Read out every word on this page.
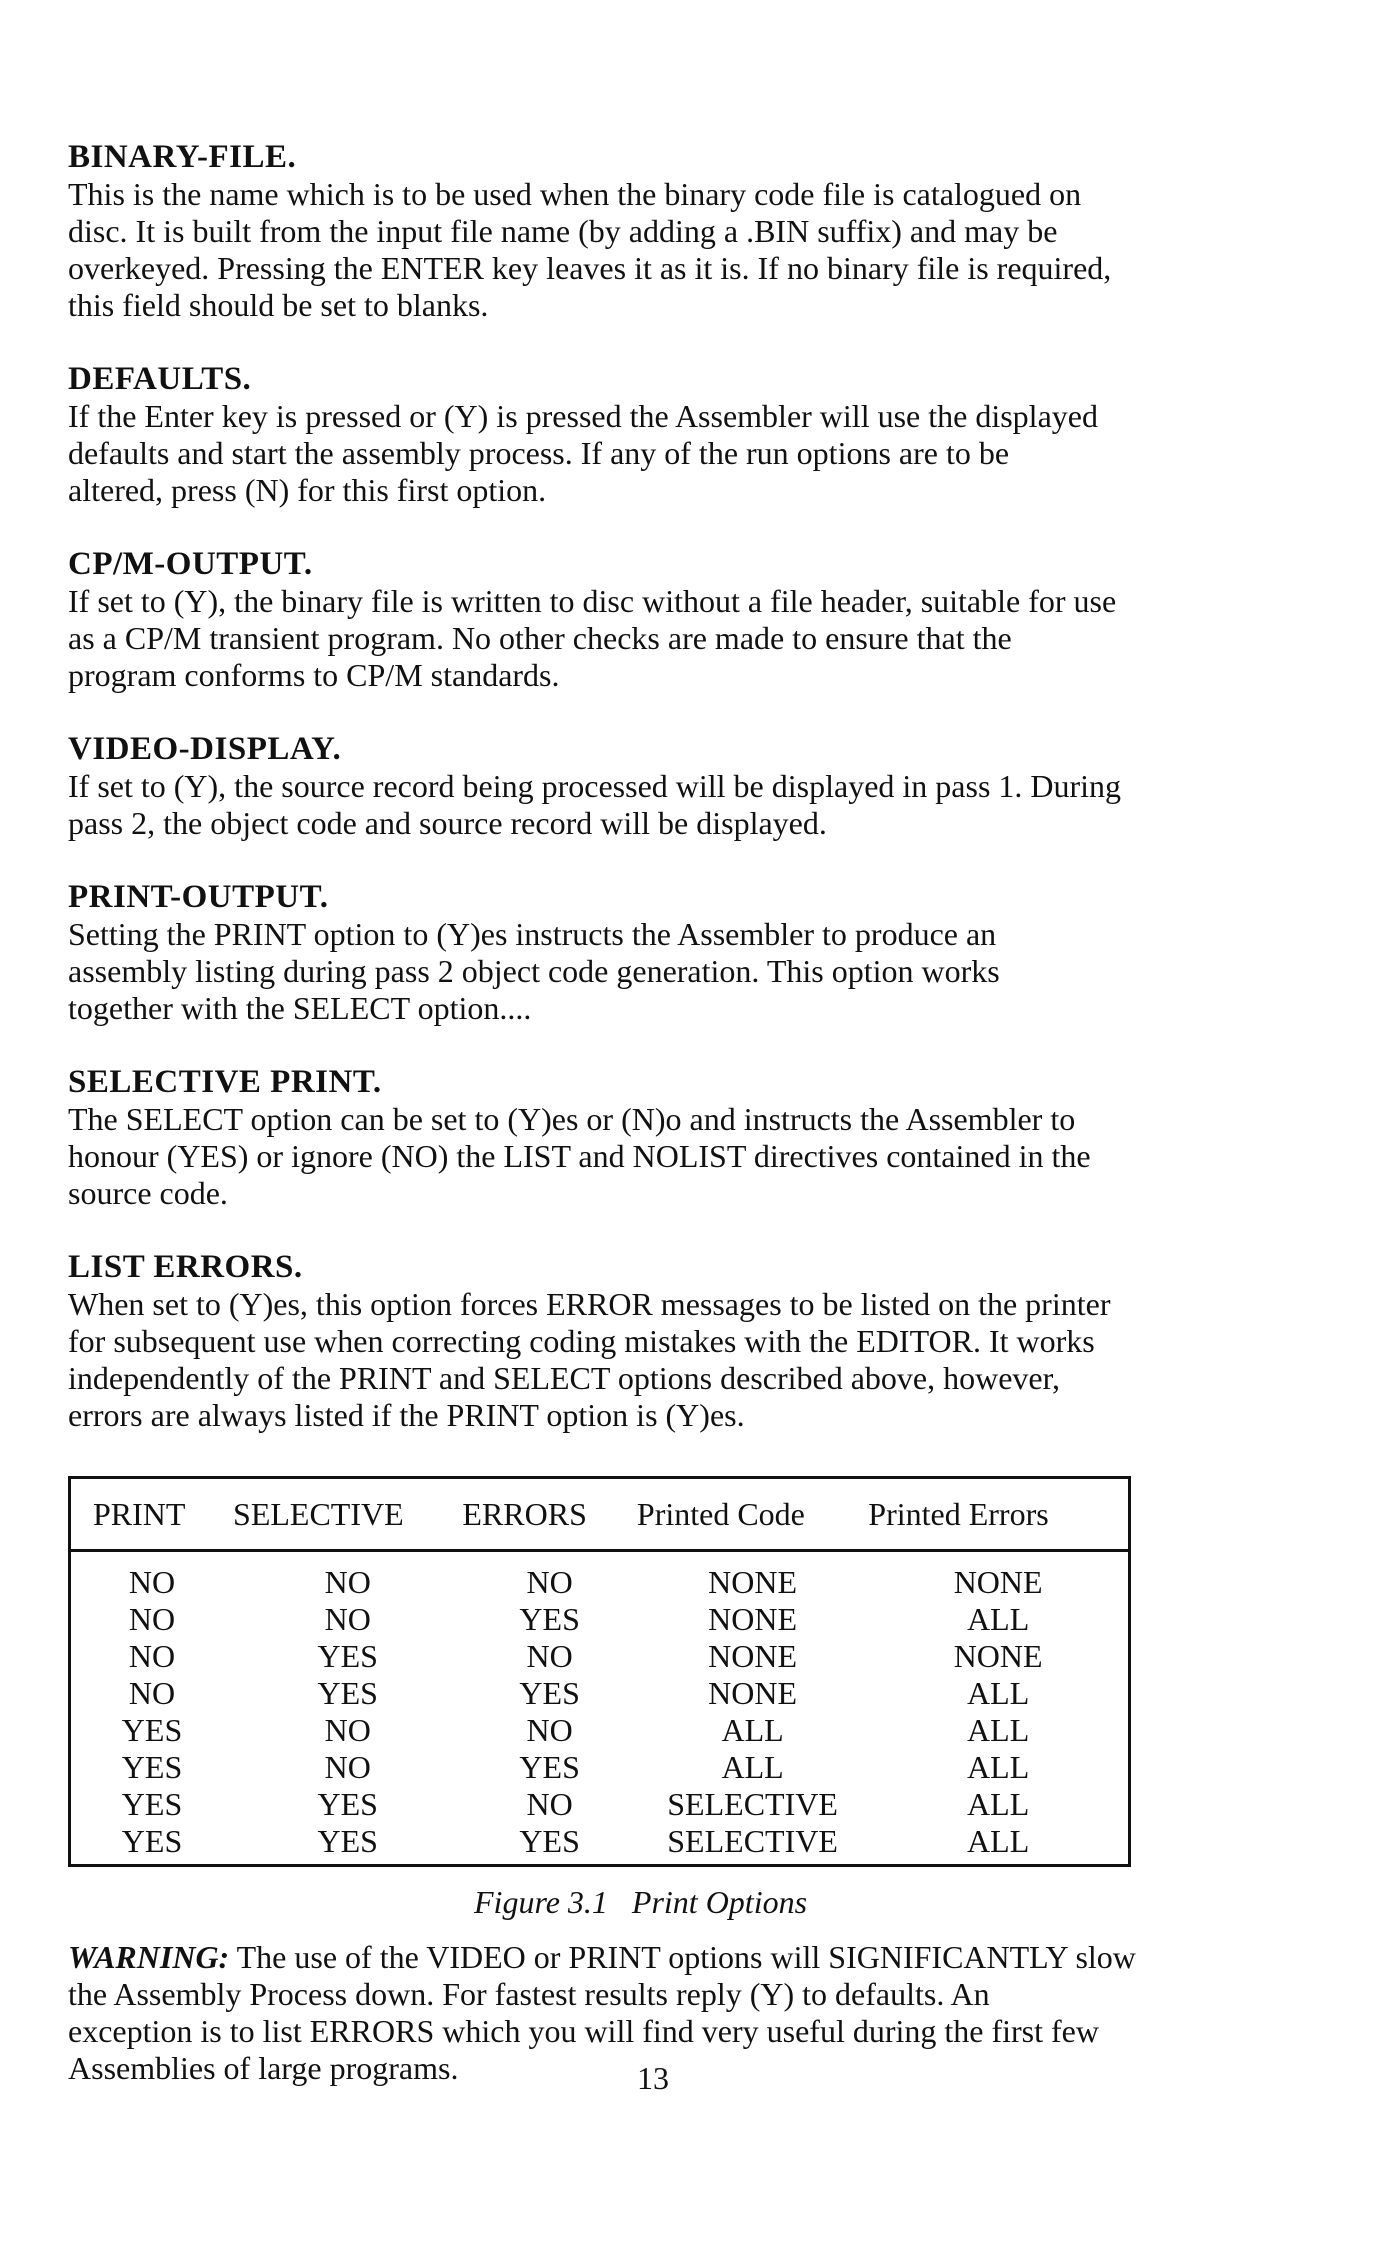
BINARY-FILE.
This is the name which is to be used when the binary code file is catalogued on
disc. It is built from the input file name (by adding a .BIN suffix) and may be
overkeyed. Pressing the ENTER key leaves it as it is. If no binary file is required,
this field should be set to blanks.
DEFAULTS.
If the Enter key is pressed or (Y) is pressed the Assembler will use the displayed
defaults and start the assembly process. If any of the run options are to be
altered, press (N) for this first option.
CP/M-OUTPUT.
If set to (Y), the binary file is written to disc without a file header, suitable for use
as a CP/M transient program. No other checks are made to ensure that the
program conforms to CP/M standards.
VIDEO-DISPLAY.
If set to (Y), the source record being processed will be displayed in pass 1. During
pass 2, the object code and source record will be displayed.
PRINT-OUTPUT.
Setting the PRINT option to (Y)es instructs the Assembler to produce an
assembly listing during pass 2 object code generation. This option works
together with the SELECT option....
SELECTIVE PRINT.
The SELECT option can be set to (Y)es or (N)o and instructs the Assembler to
honour (YES) or ignore (NO) the LIST and NOLIST directives contained in the
source code.
LIST ERRORS.
When set to (Y)es, this option forces ERROR messages to be listed on the printer
for subsequent use when correcting coding mistakes with the EDITOR. It works
independently of the PRINT and SELECT options described above, however,
errors are always listed if the PRINT option is (Y)es.
PRINT	SELECTIVE	ERRORS	Printed Code	Printed Errors
NO	NO	NO	NONE	NONE
NO	NO	YES	NONE	ALL
NO	YES	NO	NONE	NONE
NO	YES	YES	NONE	ALL
YES	NO	NO	ALL	ALL
YES	NO	YES	ALL	ALL
YES	YES	NO	SELECTIVE	ALL
YES	YES	YES	SELECTIVE	ALL
Figure 3.1 Print Options
WARNING: The use of the VIDEO or PRINT options will SIGNIFICANTLY slow
the Assembly Process down. For fastest results reply (Y) to defaults. An
exception is to list ERRORS which you will find very useful during the first few
Assemblies of large programs.	13
